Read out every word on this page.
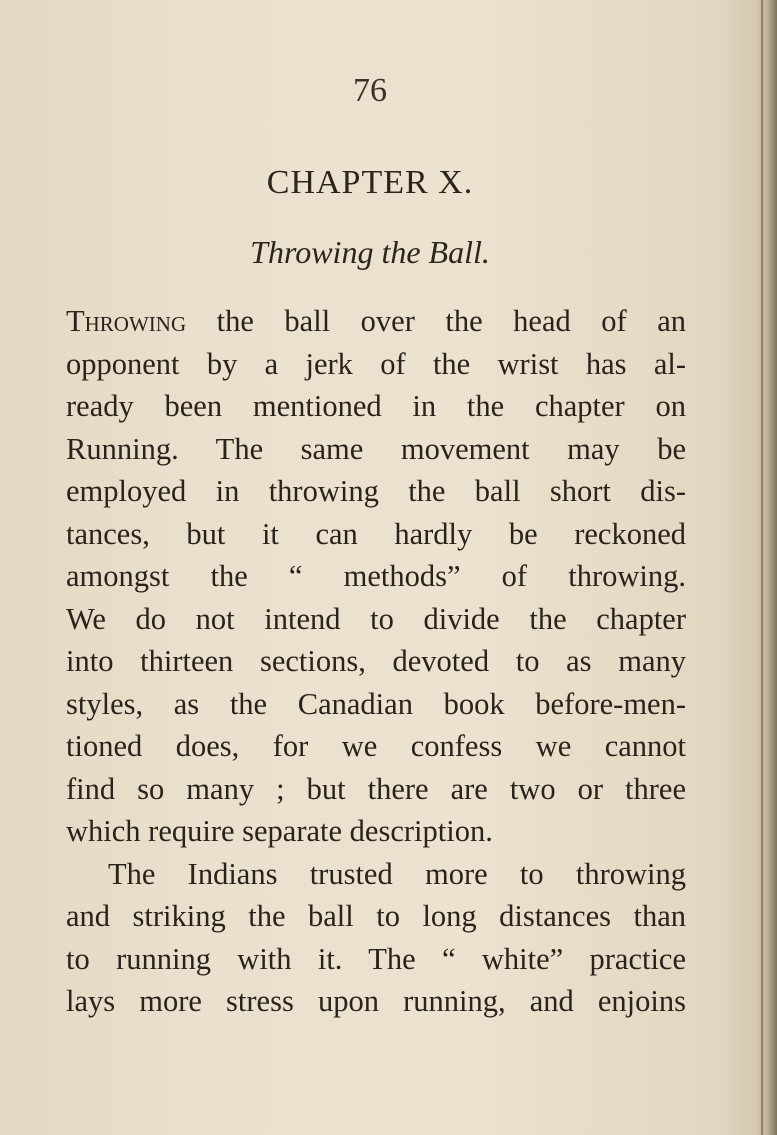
76
CHAPTER X.
Throwing the Ball.
Throwing the ball over the head of an
opponent by a jerk of the wrist has al-
ready been mentioned in the chapter on
Running. The same movement may be
employed in throwing the ball short dis-
tances, but it can hardly be reckoned
amongst the “ methods” of throwing.
We do not intend to divide the chapter
into thirteen sections, devoted to as many
styles, as the Canadian book before-men-
tioned does, for we confess we cannot
find so many ; but there are two or three
which require separate description.
The Indians trusted more to throwing
and striking the ball to long distances than
to running with it. The “ white” practice
lays more stress upon running, and enjoins
